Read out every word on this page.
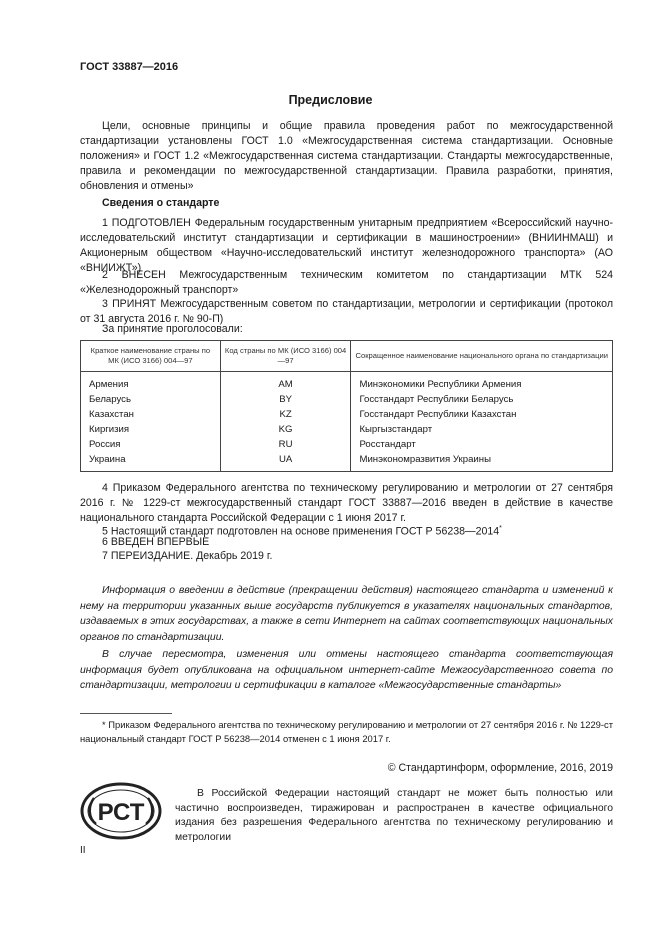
ГОСТ 33887—2016
Предисловие
Цели, основные принципы и общие правила проведения работ по межгосударственной стандартизации установлены ГОСТ 1.0 «Межгосударственная система стандартизации. Основные положения» и ГОСТ 1.2 «Межгосударственная система стандартизации. Стандарты межгосударственные, правила и рекомендации по межгосударственной стандартизации. Правила разработки, принятия, обновления и отмены»
Сведения о стандарте
1 ПОДГОТОВЛЕН Федеральным государственным унитарным предприятием «Всероссийский научно-исследовательский институт стандартизации и сертификации в машиностроении» (ВНИИНМАШ) и Акционерным обществом «Научно-исследовательский институт железнодорожного транспорта» (АО «ВНИИЖТ»)
2 ВНЕСЕН Межгосударственным техническим комитетом по стандартизации МТК 524 «Железнодорожный транспорт»
3 ПРИНЯТ Межгосударственным советом по стандартизации, метрологии и сертификации (протокол от 31 августа 2016 г. № 90-П)
За принятие проголосовали:
Краткое наименование страны по МК (ИСО 3166) 004—97	Код страны по МК (ИСО 3166) 004—97	Сокращенное наименование национального органа по стандартизации
Армения	AM	Минэкономики Республики Армения
Беларусь	BY	Госстандарт Республики Беларусь
Казахстан	KZ	Госстандарт Республики Казахстан
Киргизия	KG	Кыргызстандарт
Россия	RU	Росстандарт
Украина	UA	Минэкономразвития Украины
4 Приказом Федерального агентства по техническому регулированию и метрологии от 27 сентября 2016 г. № 1229-ст межгосударственный стандарт ГОСТ 33887—2016 введен в действие в качестве национального стандарта Российской Федерации с 1 июня 2017 г.
5 Настоящий стандарт подготовлен на основе применения ГОСТ Р 56238—2014*
6 ВВЕДЕН ВПЕРВЫЕ
7 ПЕРЕИЗДАНИЕ. Декабрь 2019 г.
Информация о введении в действие (прекращении действия) настоящего стандарта и изменений к нему на территории указанных выше государств публикуется в указателях национальных стандартов, издаваемых в этих государствах, а также в сети Интернет на сайтах соответствующих национальных органов по стандартизации.
В случае пересмотра, изменения или отмены настоящего стандарта соответствующая информация будет опубликована на официальном интернет-сайте Межгосударственного совета по стандартизации, метрологии и сертификации в каталоге «Межгосударственные стандарты»
* Приказом Федерального агентства по техническому регулированию и метрологии от 27 сентября 2016 г. № 1229-ст национальный стандарт ГОСТ Р 56238—2014 отменен с 1 июня 2017 г.
© Стандартинформ, оформление, 2016, 2019
РСТ
В Российской Федерации настоящий стандарт не может быть полностью или частично воспроизведен, тиражирован и распространен в качестве официального издания без разрешения Федерального агентства по техническому регулированию и метрологии
II
